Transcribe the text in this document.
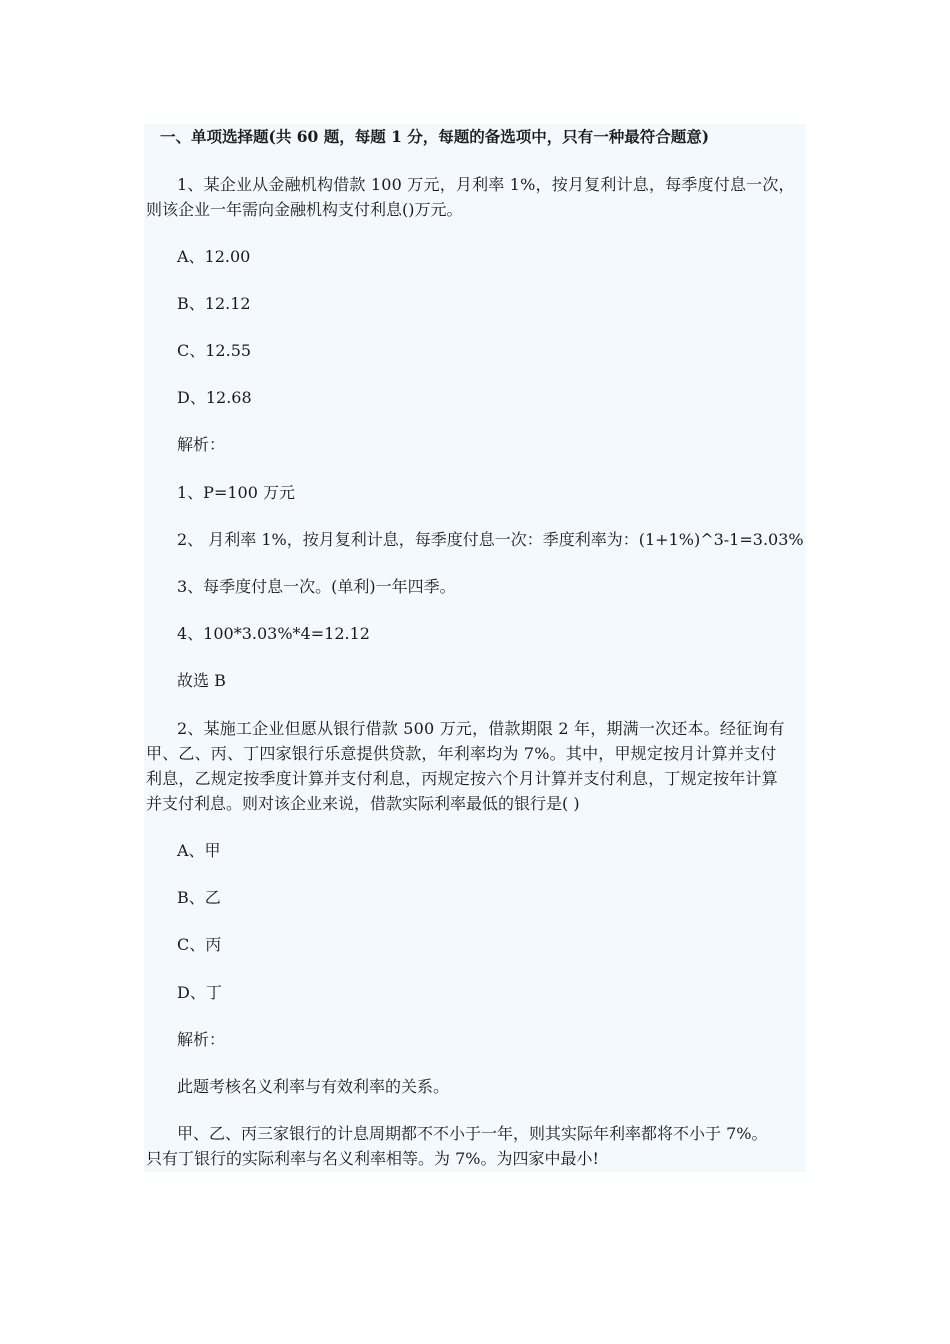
一、单项选择题(共 60 题，每题 1 分，每题的备选项中，只有一种最符合题意)
1、某企业从金融机构借款 100 万元，月利率 1%，按月复利计息，每季度付息一次，
则该企业一年需向金融机构支付利息()万元。
A、12.00
B、12.12
C、12.55
D、12.68
解析：
1、P=100 万元
2、 月利率 1%，按月复利计息，每季度付息一次：季度利率为：(1+1%)^3-1=3.03%
3、每季度付息一次。(单利)一年四季。
4、100*3.03%*4=12.12
故选 B
2、某施工企业但愿从银行借款 500 万元，借款期限 2 年，期满一次还本。经征询有
甲、乙、丙、丁四家银行乐意提供贷款，年利率均为 7%。其中，甲规定按月计算并支付
利息，乙规定按季度计算并支付利息，丙规定按六个月计算并支付利息，丁规定按年计算
并支付利息。则对该企业来说，借款实际利率最低的银行是( )
A、甲
B、乙
C、丙
D、丁
解析：
此题考核名义利率与有效利率的关系。
甲、乙、丙三家银行的计息周期都不不小于一年，则其实际年利率都将不小于 7%。
只有丁银行的实际利率与名义利率相等。为 7%。为四家中最小!
